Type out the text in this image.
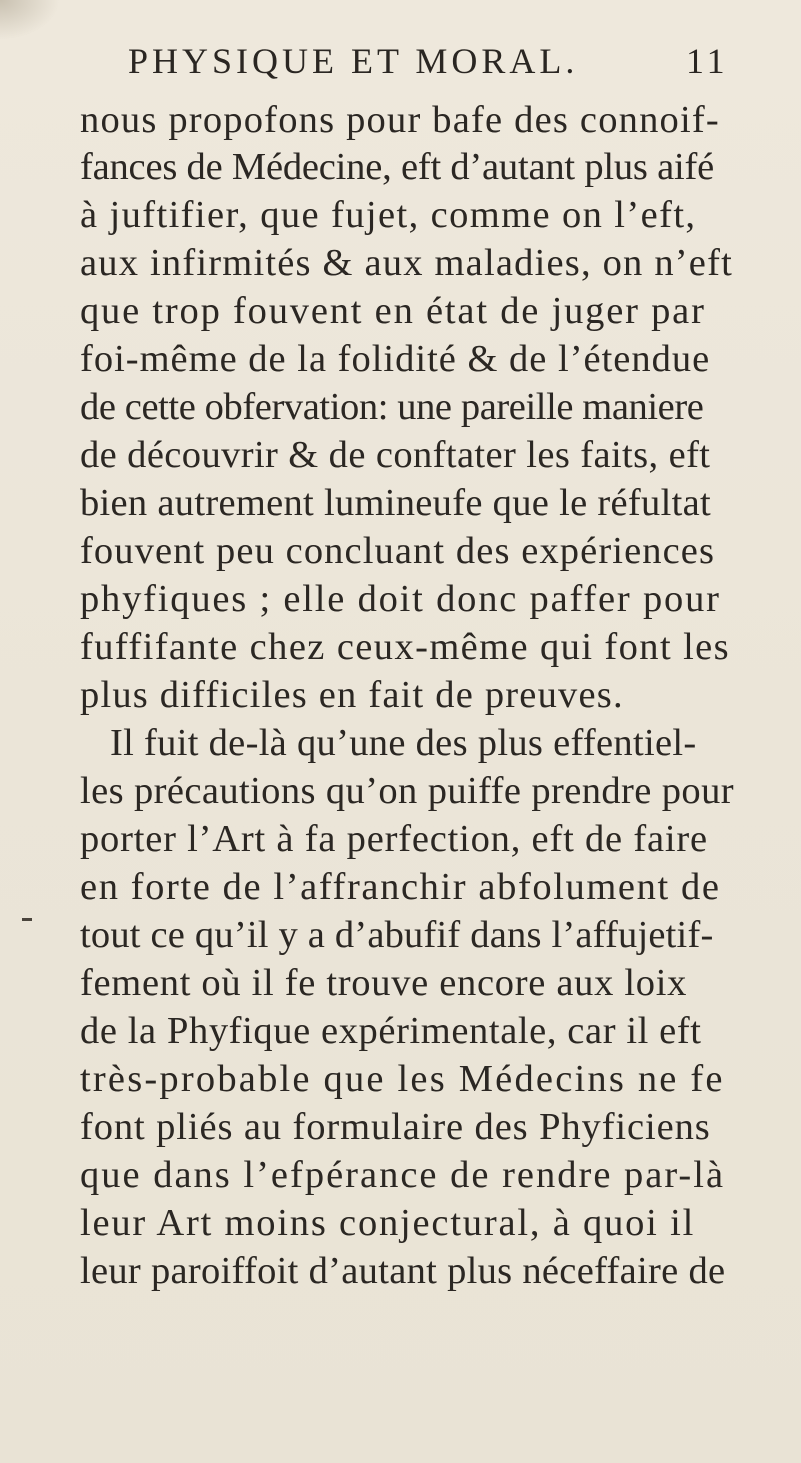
PHYSIQUE ET MORAL.	11
nous propofons pour bafe des connoif-
fances de Médecine, eft d’autant plus aifé
à juftifier, que fujet, comme on l’eft,
aux infirmités & aux maladies, on n’eft
que trop fouvent en état de juger par
foi-même de la folidité & de l’étendue
de cette obfervation: une pareille maniere
de découvrir & de conftater les faits, eft
bien autrement lumineufe que le réfultat
fouvent peu concluant des expériences
phyfiques ; elle doit donc paffer pour
fuffifante chez ceux-même qui font les
plus difficiles en fait de preuves.
Il fuit de-là qu’une des plus effentiel-
les précautions qu’on puiffe prendre pour
porter l’Art à fa perfection, eft de faire
en forte de l’affranchir abfolument de
tout ce qu’il y a d’abufif dans l’affujetif-
fement où il fe trouve encore aux loix
de la Phyfique expérimentale, car il eft
très-probable que les Médecins ne fe
font pliés au formulaire des Phyficiens
que dans l’efpérance de rendre par-là
leur Art moins conjectural, à quoi il
leur paroiffoit d’autant plus néceffaire de
